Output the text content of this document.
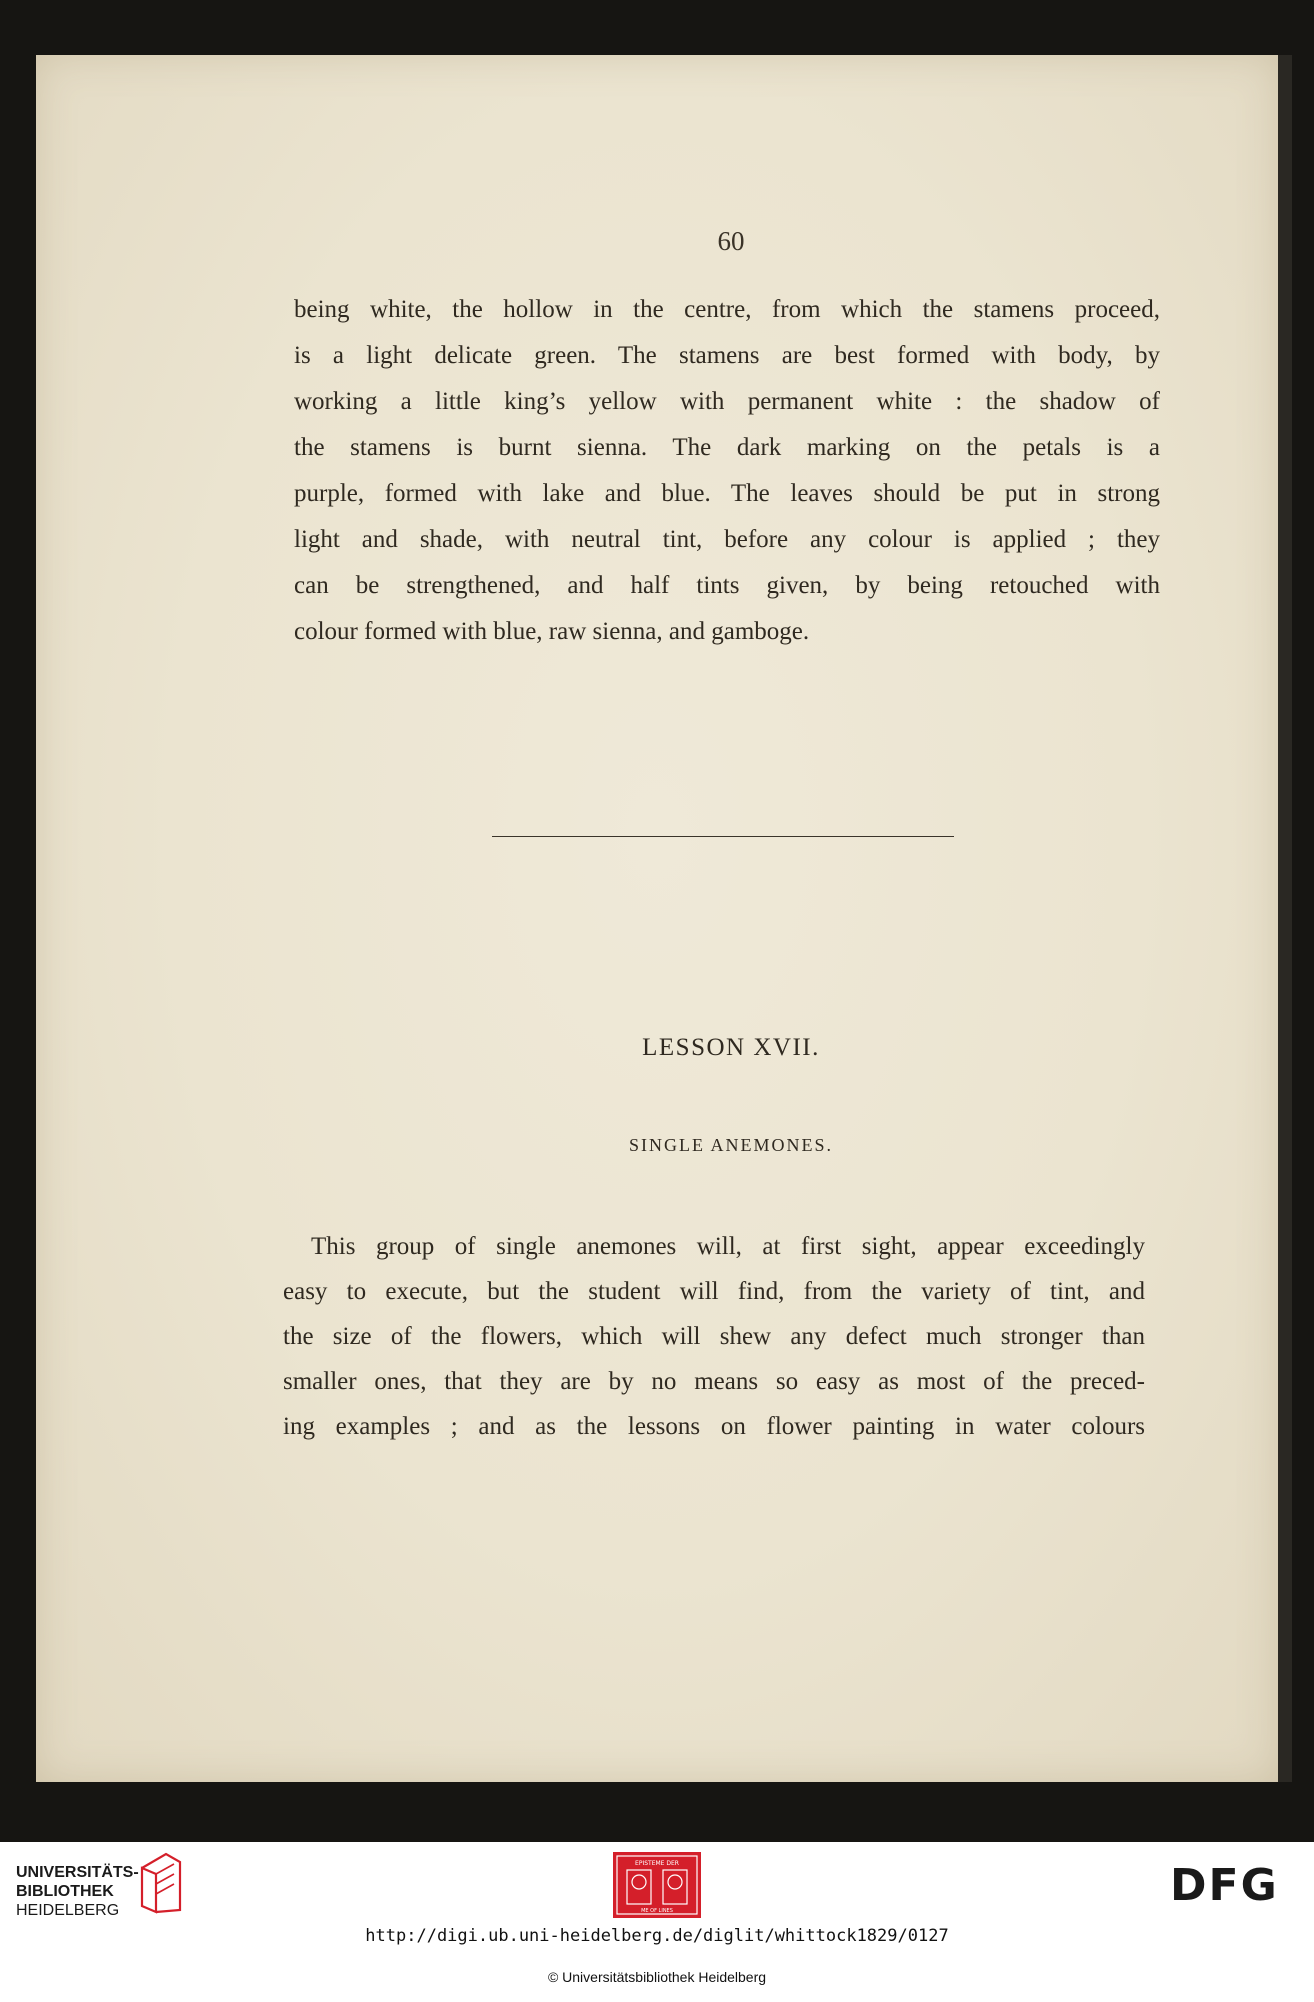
60
being white, the hollow in the centre, from which the stamens proceed,
is a light delicate green. The stamens are best formed with body, by
working a little king’s yellow with permanent white : the shadow of
the stamens is burnt sienna. The dark marking on the petals is a
purple, formed with lake and blue. The leaves should be put in strong
light and shade, with neutral tint, before any colour is applied ; they
can be strengthened, and half tints given, by being retouched with
colour formed with blue, raw sienna, and gamboge.
LESSON XVII.
SINGLE ANEMONES.
This group of single anemones will, at first sight, appear exceedingly
easy to execute, but the student will find, from the variety of tint, and
the size of the flowers, which will shew any defect much stronger than
smaller ones, that they are by no means so easy as most of the preced-
ing examples ; and as the lessons on flower painting in water colours
UNIVERSITÄTS-
BIBLIOTHEK
HEIDELBERG
EPISTEME DER
ME OF LINES	DFG
http://digi.ub.uni-heidelberg.de/diglit/whittock1829/0127
© Universitätsbibliothek Heidelberg
